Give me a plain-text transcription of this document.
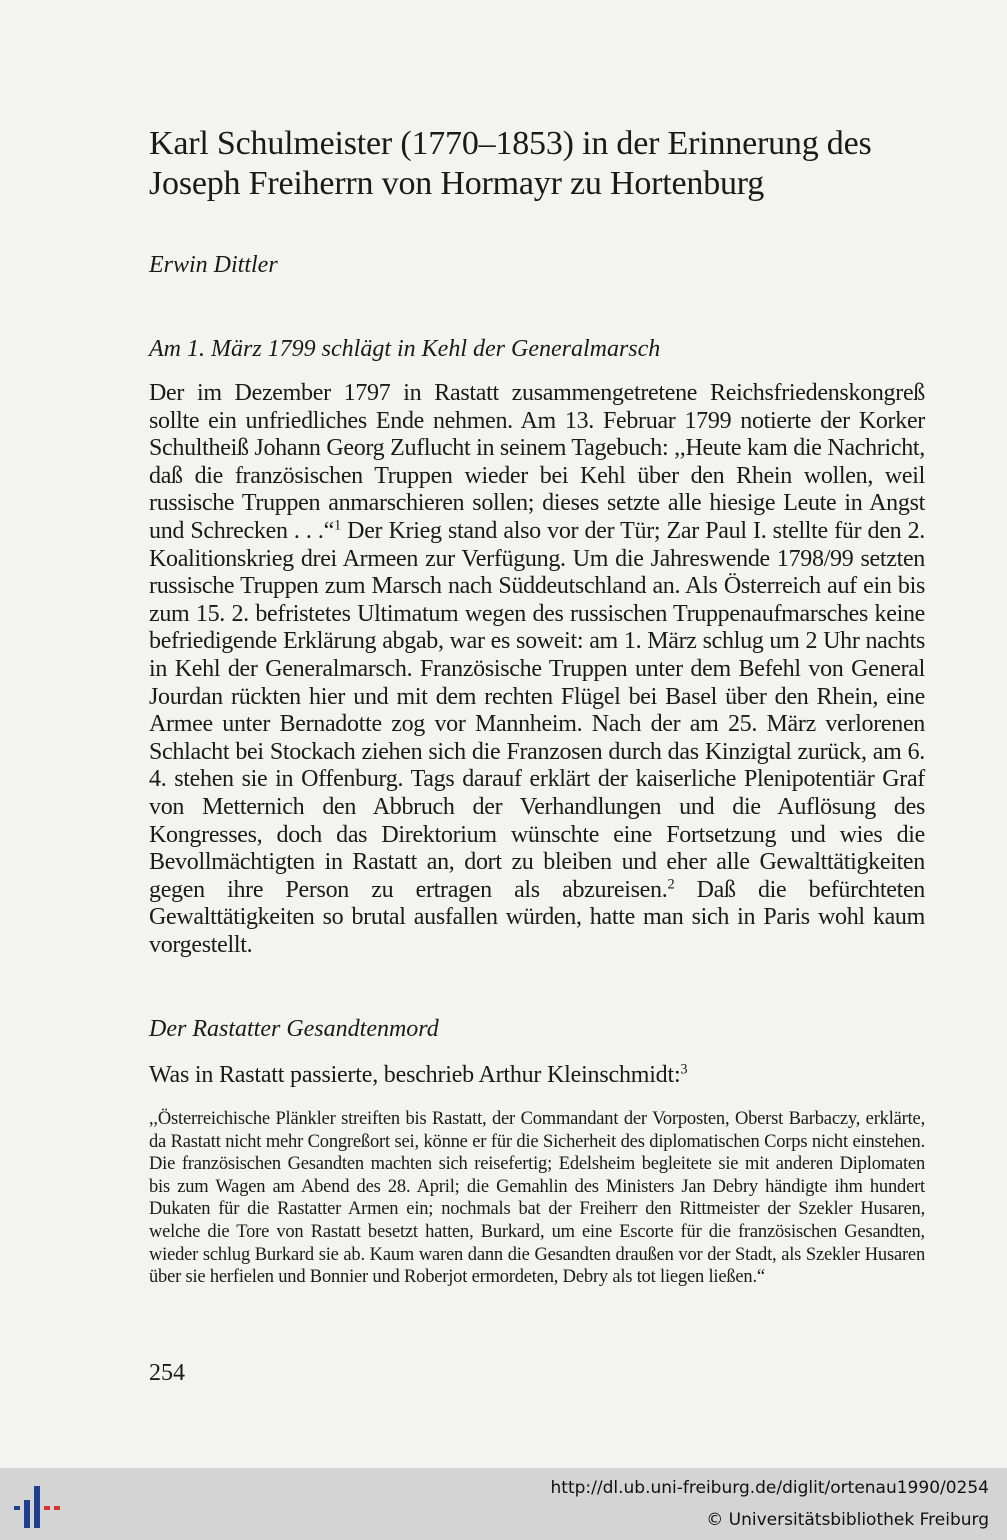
Karl Schulmeister (1770–1853) in der Erinnerung des Joseph Freiherrn von Hormayr zu Hortenburg

Erwin Dittler

Am 1. März 1799 schlägt in Kehl der Generalmarsch

Der im Dezember 1797 in Rastatt zusammengetretene Reichsfriedenskongreß sollte ein unfriedliches Ende nehmen. Am 13. Februar 1799 notierte der Korker Schultheiß Johann Georg Zuflucht in seinem Tagebuch: ,,Heute kam die Nachricht, daß die französischen Truppen wieder bei Kehl über den Rhein wollen, weil russische Truppen anmarschieren sollen; dieses setzte alle hiesige Leute in Angst und Schrecken . . .“$^1$ Der Krieg stand also vor der Tür; Zar Paul I. stellte für den 2. Koalitionskrieg drei Armeen zur Verfügung. Um die Jahreswende 1798/99 setzten russische Truppen zum Marsch nach Süddeutschland an. Als Österreich auf ein bis zum 15. 2. befristetes Ultimatum wegen des russischen Truppenaufmarsches keine befriedigende Erklärung abgab, war es soweit: am 1. März schlug um 2 Uhr nachts in Kehl der Generalmarsch. Französische Truppen unter dem Befehl von General Jourdan rückten hier und mit dem rechten Flügel bei Basel über den Rhein, eine Armee unter Bernadotte zog vor Mannheim. Nach der am 25. März verlorenen Schlacht bei Stockach ziehen sich die Franzosen durch das Kinzigtal zurück, am 6. 4. stehen sie in Offenburg. Tags darauf erklärt der kaiserliche Plenipotentiär Graf von Metternich den Abbruch der Verhandlungen und die Auflösung des Kongresses, doch das Direktorium wünschte eine Fortsetzung und wies die Bevollmächtigten in Rastatt an, dort zu bleiben und eher alle Gewalttätigkeiten gegen ihre Person zu ertragen als abzureisen.$^2$ Daß die befürchteten Gewalttätigkeiten so brutal ausfallen würden, hatte man sich in Paris wohl kaum vorgestellt.

Der Rastatter Gesandtenmord

Was in Rastatt passierte, beschrieb Arthur Kleinschmidt:$^3$

,,Österreichische Plänkler streiften bis Rastatt, der Commandant der Vorposten, Oberst Barbaczy, erklärte, da Rastatt nicht mehr Congreßort sei, könne er für die Sicherheit des diplomatischen Corps nicht einstehen. Die französischen Gesandten machten sich reisefertig; Edelsheim begleitete sie mit anderen Diplomaten bis zum Wagen am Abend des 28. April; die Gemahlin des Ministers Jan Debry händigte ihm hundert Dukaten für die Rastatter Armen ein; nochmals bat der Freiherr den Rittmeister der Szekler Husaren, welche die Tore von Rastatt besetzt hatten, Burkard, um eine Escorte für die französischen Gesandten, wieder schlug Burkard sie ab. Kaum waren dann die Gesandten draußen vor der Stadt, als Szekler Husaren über sie herfielen und Bonnier und Roberjot ermordeten, Debry als tot liegen ließen.“

254

http://dl.ub.uni-freiburg.de/diglit/ortenau1990/0254
© Universitätsbibliothek Freiburg
